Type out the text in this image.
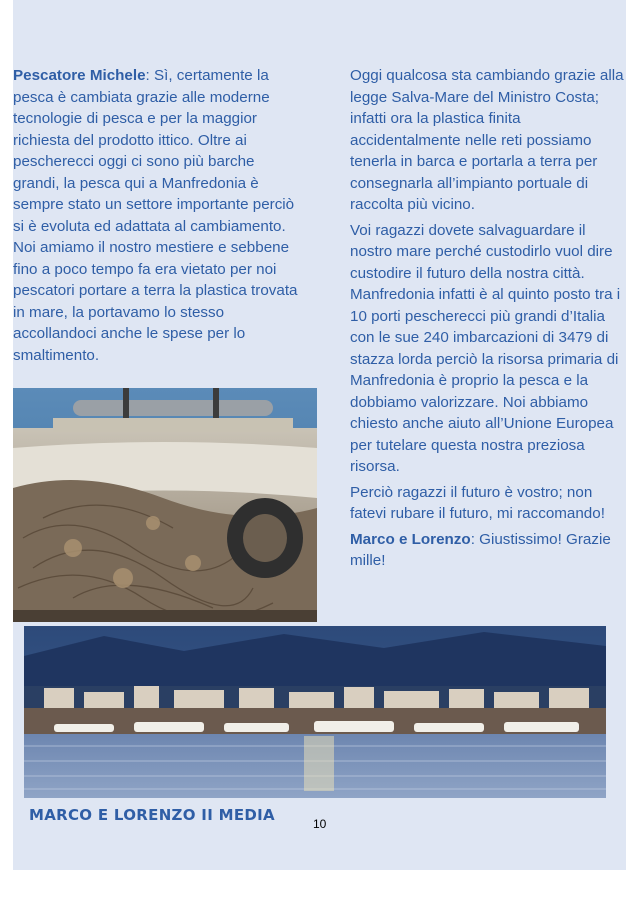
Pescatore Michele: Sì, certamente la pesca è cambiata grazie alle moderne tecnologie di pesca e per la maggior richiesta del prodotto ittico. Oltre ai pescherecci oggi ci sono più barche grandi, la pesca qui a Manfredonia è sempre stato un settore importante perciò si è evoluta ed adattata al cambiamento. Noi amiamo il nostro mestiere e sebbene fino a poco tempo fa era vietato per noi pescatori portare a terra la plastica trovata in mare, la portavamo lo stesso accollandoci anche le spese per lo smaltimento.

Oggi qualcosa sta cambiando grazie alla legge Salva-Mare del Ministro Costa; infatti ora la plastica finita accidentalmente nelle reti possiamo tenerla in barca e portarla a terra per consegnarla all’impianto portuale di raccolta più vicino.

Voi ragazzi dovete salvaguardare il nostro mare perché custodirlo vuol dire custodire il futuro della nostra città. Manfredonia infatti è al quinto posto tra i 10 porti pescherecci più grandi d’Italia con le sue 240 imbarcazioni di 3479 di stazza lorda perciò la risorsa primaria di Manfredonia è proprio la pesca e la dobbiamo valorizzare. Noi abbiamo chiesto anche aiuto all’Unione Europea per tutelare questa nostra preziosa risorsa.

Perciò ragazzi il futuro è vostro; non fatevi rubare il futuro, mi raccomando!

Marco e Lorenzo: Giustissimo! Grazie mille!

MARCO E LORENZO II MEDIA	10
